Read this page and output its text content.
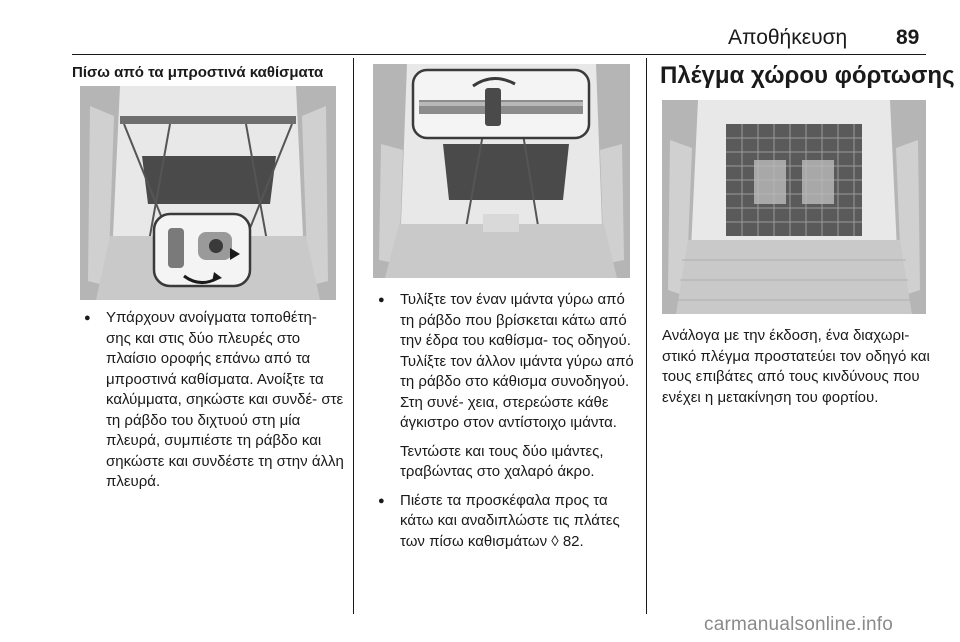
Αποθήκευση 89
Πίσω από τα μπροστινά καθίσματα
● Υπάρχουν ανοίγματα τοποθέτη- σης και στις δύο πλευρές στο πλαίσιο οροφής επάνω από τα μπροστινά καθίσματα. Ανοίξτε τα καλύμματα, σηκώστε και συνδέ- στε τη ράβδο του διχτυού στη μία πλευρά, συμπιέστε τη ράβδο και σηκώστε και συνδέστε τη στην άλλη πλευρά.
● Τυλίξτε τον έναν ιμάντα γύρω από τη ράβδο που βρίσκεται κάτω από την έδρα του καθίσμα- τος οδηγού. Τυλίξτε τον άλλον ιμάντα γύρω από τη ράβδο στο κάθισμα συνοδηγού. Στη συνέ- χεια, στερεώστε κάθε άγκιστρο στον αντίστοιχο ιμάντα.

Τεντώστε και τους δύο ιμάντες, τραβώντας στο χαλαρό άκρο.

● Πιέστε τα προσκέφαλα προς τα κάτω και αναδιπλώστε τις πλάτες των πίσω καθισμάτων ◊ 82.
Πλέγμα χώρου φόρτωσης
Ανάλογα με την έκδοση, ένα διαχωρι- στικό πλέγμα προστατεύει τον οδηγό και τους επιβάτες από τους κινδύνους που ενέχει η μετακίνηση του φορτίου.
carmanualsonline.info
